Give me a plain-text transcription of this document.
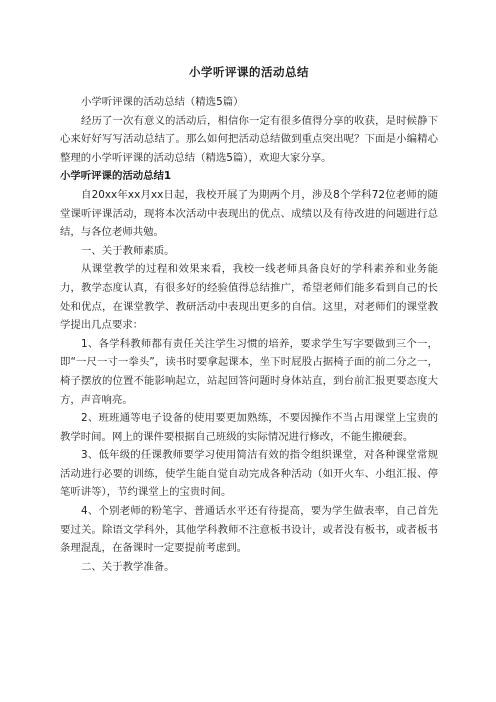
小学听评课的活动总结

小学听评课的活动总结（精选5篇）

经历了一次有意义的活动后，相信你一定有很多值得分享的收获，是时候静下心来好好写写活动总结了。那么如何把活动总结做到重点突出呢？下面是小编精心整理的小学听评课的活动总结（精选5篇），欢迎大家分享。

小学听评课的活动总结1

自20xx年xx月xx日起，我校开展了为期两个月，涉及8个学科72位老师的随堂课听评课活动，现将本次活动中表现出的优点、成绩以及有待改进的问题进行总结，与各位老师共勉。

一、关于教师素质。

从课堂教学的过程和效果来看，我校一线老师具备良好的学科素养和业务能力，教学态度认真，有很多好的经验值得总结推广，希望老师们能多看到自己的长处和优点，在课堂教学、教研活动中表现出更多的自信。这里，对老师们的课堂教学提出几点要求：

1、各学科教师都有责任关注学生习惯的培养，要求学生写字要做到三个一，即“一尺一寸一拳头”，读书时要拿起课本，坐下时屁股占据椅子面的前二分之一，椅子摆放的位置不能影响起立，站起回答问题时身体站直，到台前汇报更要态度大方，声音响亮。

2、班班通等电子设备的使用要更加熟练，不要因操作不当占用课堂上宝贵的教学时间。网上的课件要根据自己班级的实际情况进行修改，不能生搬硬套。

3、低年级的任课教师要学习使用简洁有效的指令组织课堂，对各种课堂常规活动进行必要的训练，使学生能自觉自动完成各种活动（如开火车、小组汇报、停笔听讲等），节约课堂上的宝贵时间。

4、个别老师的粉笔字、普通话水平还有待提高，要为学生做表率，自己首先要过关。除语文学科外，其他学科教师不注意板书设计，或者没有板书，或者板书条理混乱，在备课时一定要提前考虑到。

二、关于教学准备。
